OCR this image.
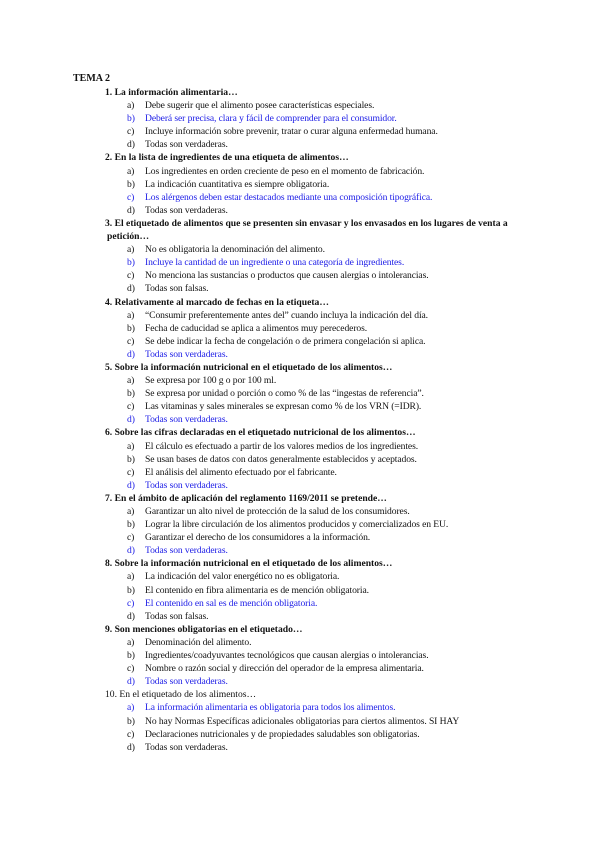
TEMA 2
1. La información alimentaria…
a) Debe sugerir que el alimento posee características especiales.
b) Deberá ser precisa, clara y fácil de comprender para el consumidor.
c) Incluye información sobre prevenir, tratar o curar alguna enfermedad humana.
d) Todas son verdaderas.
2. En la lista de ingredientes de una etiqueta de alimentos…
a) Los ingredientes en orden creciente de peso en el momento de fabricación.
b) La indicación cuantitativa es siempre obligatoria.
c) Los alérgenos deben estar destacados mediante una composición tipográfica.
d) Todas son verdaderas.
3. El etiquetado de alimentos que se presenten sin envasar y los envasados en los lugares de venta a petición…
a) No es obligatoria la denominación del alimento.
b) Incluye la cantidad de un ingrediente o una categoría de ingredientes.
c) No menciona las sustancias o productos que causen alergias o intolerancias.
d) Todas son falsas.
4. Relativamente al marcado de fechas en la etiqueta…
a) “Consumir preferentemente antes del” cuando incluya la indicación del día.
b) Fecha de caducidad se aplica a alimentos muy perecederos.
c) Se debe indicar la fecha de congelación o de primera congelación si aplica.
d) Todas son verdaderas.
5. Sobre la información nutricional en el etiquetado de los alimentos…
a) Se expresa por 100 g o por 100 ml.
b) Se expresa por unidad o porción o como % de las “ingestas de referencia”.
c) Las vitaminas y sales minerales se expresan como % de los VRN (=IDR).
d) Todas son verdaderas.
6. Sobre las cifras declaradas en el etiquetado nutricional de los alimentos…
a) El cálculo es efectuado a partir de los valores medios de los ingredientes.
b) Se usan bases de datos con datos generalmente establecidos y aceptados.
c) El análisis del alimento efectuado por el fabricante.
d) Todas son verdaderas.
7. En el ámbito de aplicación del reglamento 1169/2011 se pretende…
a) Garantizar un alto nivel de protección de la salud de los consumidores.
b) Lograr la libre circulación de los alimentos producidos y comercializados en EU.
c) Garantizar el derecho de los consumidores a la información.
d) Todas son verdaderas.
8. Sobre la información nutricional en el etiquetado de los alimentos…
a) La indicación del valor energético no es obligatoria.
b) El contenido en fibra alimentaria es de mención obligatoria.
c) El contenido en sal es de mención obligatoria.
d) Todas son falsas.
9. Son menciones obligatorias en el etiquetado…
a) Denominación del alimento.
b) Ingredientes/coadyuvantes tecnológicos que causan alergias o intolerancias.
c) Nombre o razón social y dirección del operador de la empresa alimentaria.
d) Todas son verdaderas.
10. En el etiquetado de los alimentos…
a) La información alimentaria es obligatoria para todos los alimentos.
b) No hay Normas Específicas adicionales obligatorias para ciertos alimentos. SI HAY
c) Declaraciones nutricionales y de propiedades saludables son obligatorias.
d) Todas son verdaderas.
